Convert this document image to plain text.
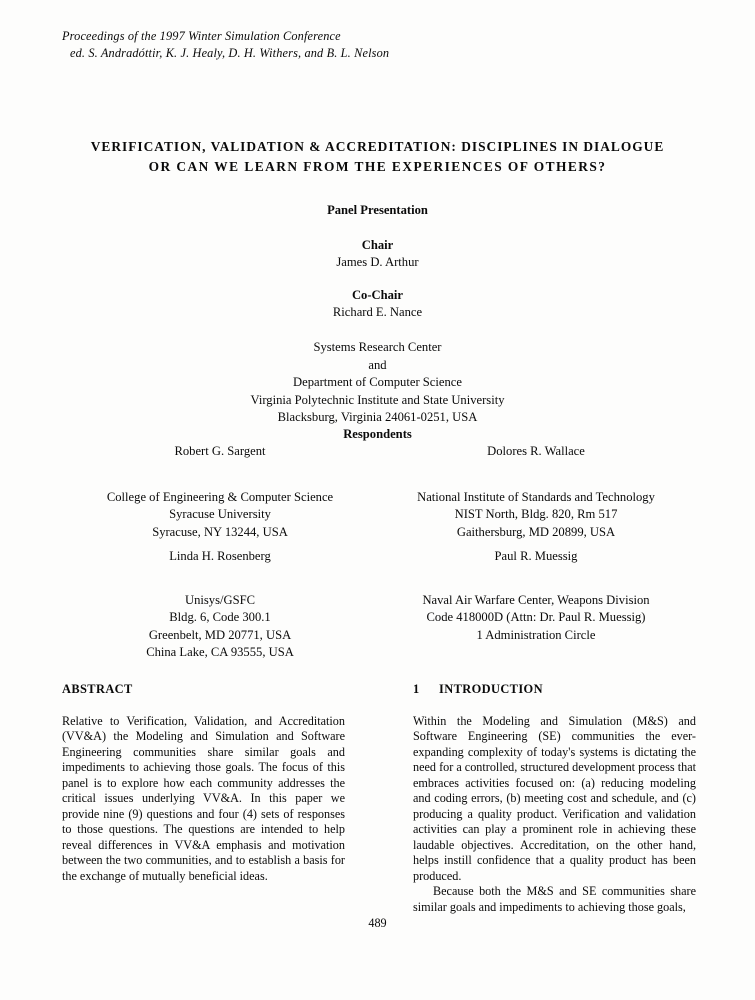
Proceedings of the 1997 Winter Simulation Conference
ed. S. Andradóttir, K. J. Healy, D. H. Withers, and B. L. Nelson
VERIFICATION, VALIDATION & ACCREDITATION: DISCIPLINES IN DIALOGUE
OR CAN WE LEARN FROM THE EXPERIENCES OF OTHERS?
Panel Presentation
Chair
James D. Arthur
Co-Chair
Richard E. Nance
Systems Research Center
and
Department of Computer Science
Virginia Polytechnic Institute and State University
Blacksburg, Virginia 24061-0251, USA
Respondents
Robert G. Sargent
College of Engineering & Computer Science
Syracuse University
Syracuse, NY 13244, USA
Dolores R. Wallace
National Institute of Standards and Technology
NIST North, Bldg. 820, Rm 517
Gaithersburg, MD 20899, USA
Linda H. Rosenberg
Unisys/GSFC
Bldg. 6, Code 300.1
Greenbelt, MD 20771, USA
China Lake, CA 93555, USA
Paul R. Muessig
Naval Air Warfare Center, Weapons Division
Code 418000D (Attn: Dr. Paul R. Muessig)
1 Administration Circle
ABSTRACT

Relative to Verification, Validation, and Accreditation (VV&A) the Modeling and Simulation and Software Engineering communities share similar goals and impediments to achieving those goals. The focus of this panel is to explore how each community addresses the critical issues underlying VV&A. In this paper we provide nine (9) questions and four (4) sets of responses to those questions. The questions are intended to help reveal differences in VV&A emphasis and motivation between the two communities, and to establish a basis for the exchange of mutually beneficial ideas.

1	INTRODUCTION

Within the Modeling and Simulation (M&S) and Software Engineering (SE) communities the ever-expanding complexity of today's systems is dictating the need for a controlled, structured development process that embraces activities focused on: (a) reducing modeling and coding errors, (b) meeting cost and schedule, and (c) producing a quality product. Verification and validation activities can play a prominent role in achieving these laudable objectives. Accreditation, on the other hand, helps instill confidence that a quality product has been produced.

Because both the M&S and SE communities share similar goals and impediments to achieving those goals,

489
